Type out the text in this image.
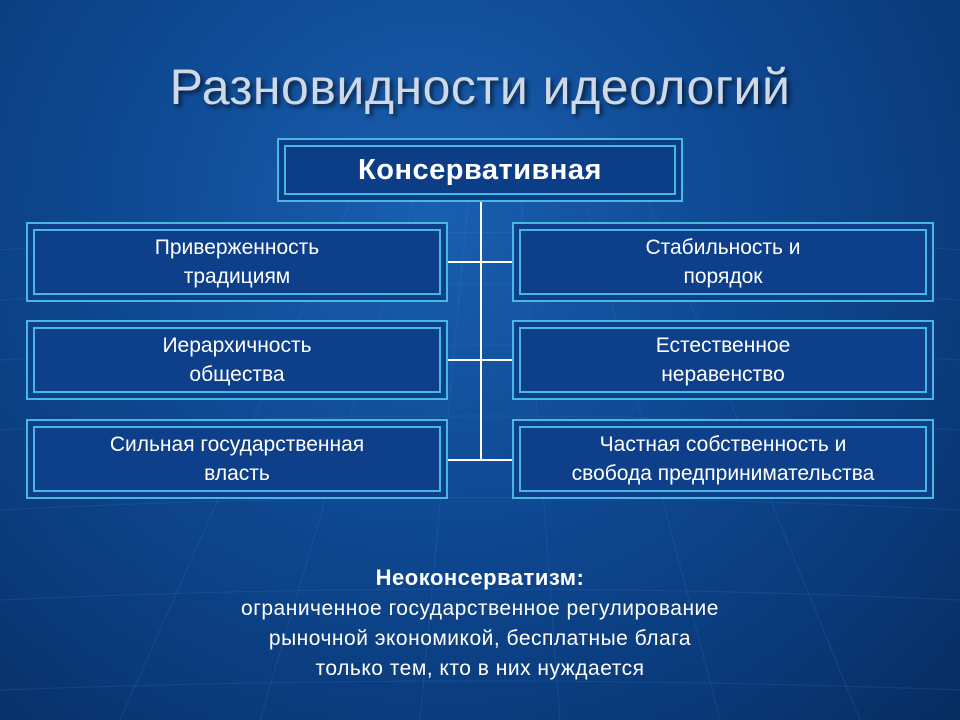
Разновидности идеологий
Консервативная
Приверженность
традициям
Иерархичность
общества
Сильная государственная
власть
Стабильность и
порядок
Естественное
неравенство
Частная собственность и
свобода предпринимательства
Неоконсерватизм:
ограниченное государственное регулирование
рыночной экономикой, бесплатные блага
только тем, кто в них нуждается
